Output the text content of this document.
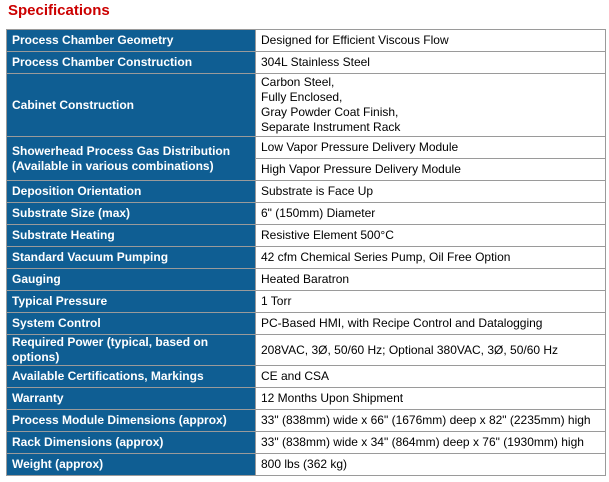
Specifications
Process Chamber Geometry	Designed for Efficient Viscous Flow
Process Chamber Construction	304L Stainless Steel
Cabinet Construction	Carbon Steel,
Fully Enclosed,
Gray Powder Coat Finish,
Separate Instrument Rack

Showerhead Process Gas Distribution
(Available in various combinations)	Low Vapor Pressure Delivery Module
High Vapor Pressure Delivery Module

Deposition Orientation	Substrate is Face Up
Substrate Size (max)	6" (150mm) Diameter
Substrate Heating	Resistive Element 500°C
Standard Vacuum Pumping	42 cfm Chemical Series Pump, Oil Free Option
Gauging	Heated Baratron
Typical Pressure	1 Torr
System Control	PC-Based HMI, with Recipe Control and Datalogging
Required Power (typical, based on options)	208VAC, 3Ø, 50/60 Hz; Optional 380VAC, 3Ø, 50/60 Hz
Available Certifications, Markings	CE and CSA
Warranty	12 Months Upon Shipment
Process Module Dimensions (approx)	33" (838mm) wide x 66" (1676mm) deep x 82" (2235mm) high
Rack Dimensions (approx)	33" (838mm) wide x 34" (864mm) deep x 76" (1930mm) high
Weight (approx)	800 lbs (362 kg)
